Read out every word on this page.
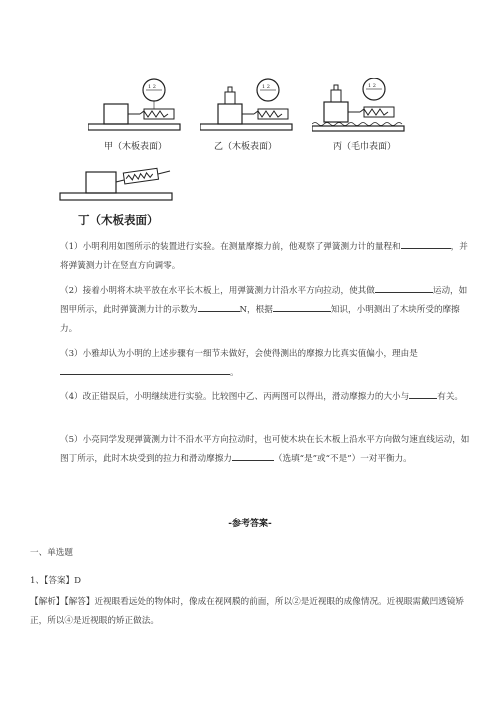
1 2
甲（木板表面）
1 2
乙（木板表面）
1 2
丙（毛巾表面）
丁（木板表面）

（1）小明利用如图所示的装置进行实验。在测量摩擦力前，他观察了弹簧测力计的量程和	，并将弹簧测力计在竖直方向调零。

（2）接着小明将木块平放在水平长木板上，用弹簧测力计沿水平方向拉动，使其做	运动，如图甲所示，此时弹簧测力计的示数为	N，根据	知识，小明测出了木块所受的摩擦力。

（3）小雅却认为小明的上述步骤有一细节未做好，会使得测出的摩擦力比真实值偏小，理由是。

（4）改正错误后，小明继续进行实验。比较图中乙、丙两图可以得出，滑动摩擦力的大小与	有关。

（5）小亮同学发现弹簧测力计不沿水平方向拉动时，也可使木块在长木板上沿水平方向做匀速直线运动，如图丁所示，此时木块受到的拉力和滑动摩擦力	（选填“是”或“不是”）一对平衡力。

-参考答案-
一、单选题
1、【答案】D

【解析】【解答】近视眼看远处的物体时，像成在视网膜的前面，所以②是近视眼的成像情况。近视眼需戴凹透镜矫正，所以④是近视眼的矫正做法。
